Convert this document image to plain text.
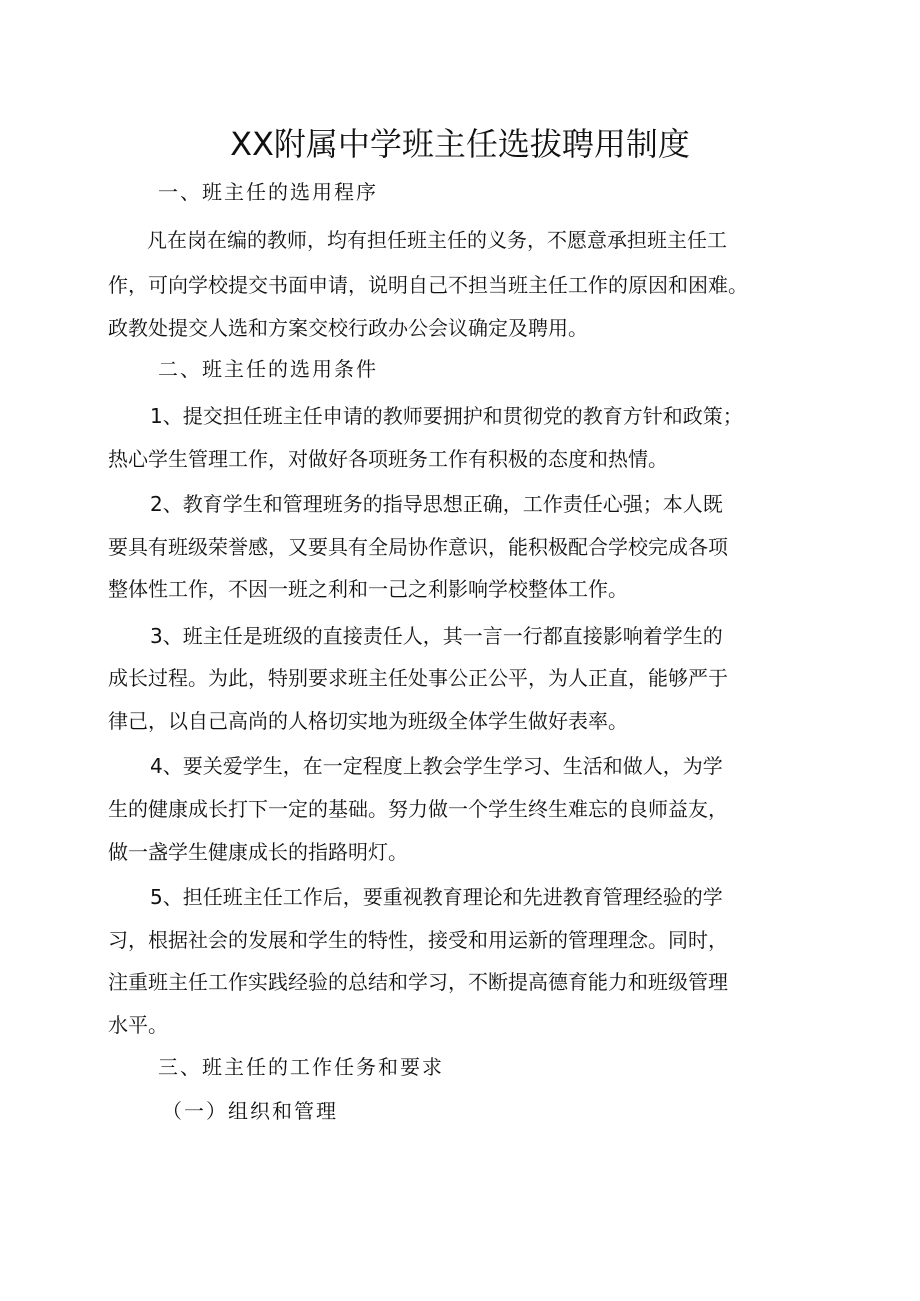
XX附属中学班主任选拔聘用制度

一、班主任的选用程序

凡在岗在编的教师，均有担任班主任的义务，不愿意承担班主任工

作，可向学校提交书面申请，说明自己不担当班主任工作的原因和困难。

政教处提交人选和方案交校行政办公会议确定及聘用。

二、班主任的选用条件

1、提交担任班主任申请的教师要拥护和贯彻党的教育方针和政策；

热心学生管理工作，对做好各项班务工作有积极的态度和热情。

2、教育学生和管理班务的指导思想正确，工作责任心强；本人既

要具有班级荣誉感，又要具有全局协作意识，能积极配合学校完成各项

整体性工作，不因一班之利和一己之利影响学校整体工作。

3、班主任是班级的直接责任人，其一言一行都直接影响着学生的

成长过程。为此，特别要求班主任处事公正公平，为人正直，能够严于

律己，以自己高尚的人格切实地为班级全体学生做好表率。

4、要关爱学生，在一定程度上教会学生学习、生活和做人，为学

生的健康成长打下一定的基础。努力做一个学生终生难忘的良师益友，

做一盏学生健康成长的指路明灯。

5、担任班主任工作后，要重视教育理论和先进教育管理经验的学

习，根据社会的发展和学生的特性，接受和用运新的管理理念。同时，

注重班主任工作实践经验的总结和学习，不断提高德育能力和班级管理

水平。

三、班主任的工作任务和要求

（一）组织和管理
